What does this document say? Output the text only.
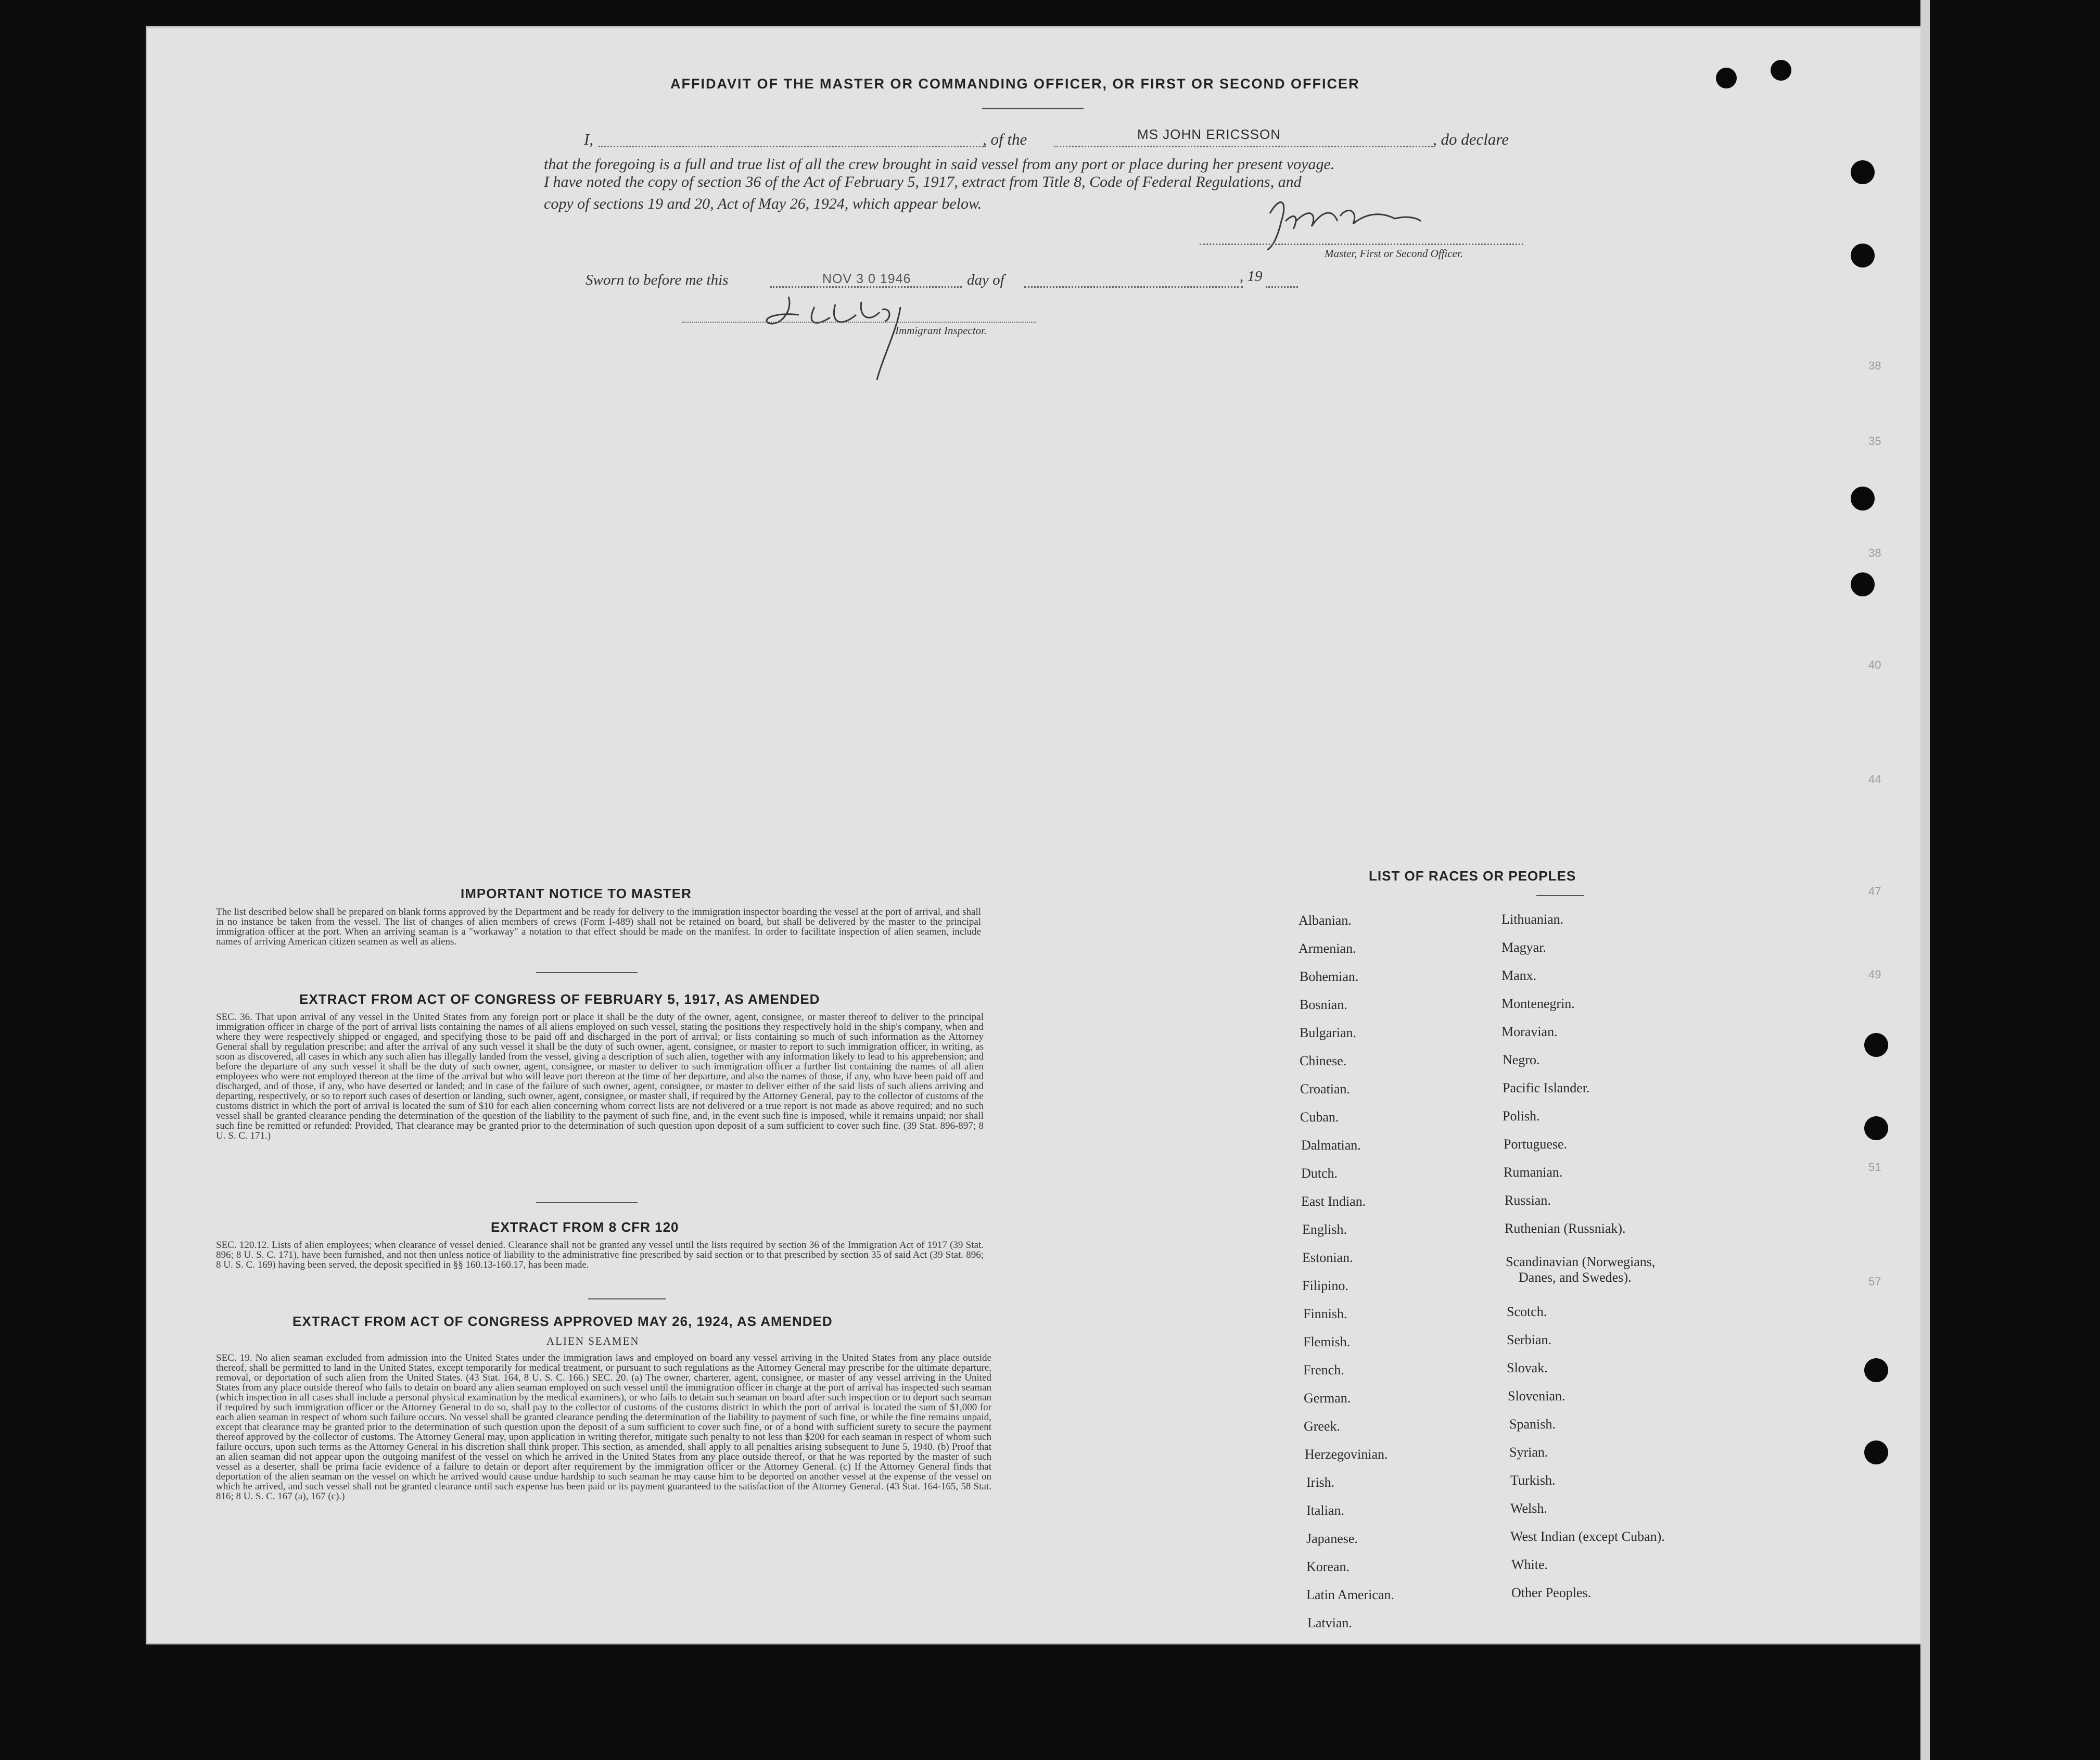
AFFIDAVIT OF THE MASTER OR COMMANDING OFFICER, OR FIRST OR SECOND OFFICER
I,	, of the	MS JOHN ERICSSON	, do declare
that the foregoing is a full and true list of all the crew brought in said vessel from any port or place during her present voyage.
I have noted the copy of section 36 of the Act of February 5, 1917, extract from Title 8, Code of Federal Regulations, and
copy of sections 19 and 20, Act of May 26, 1924, which appear below.
Master, First or Second Officer.
Sworn to before me this	NOV 3 0 1946	day of	, 19
Immigrant Inspector.
38
35
38
40
44
47
49
51
57
IMPORTANT NOTICE TO MASTER
The list described below shall be prepared on blank forms approved by the Department and be ready for delivery to the immigration inspector boarding the vessel at the port of arrival, and shall in no instance be taken from the vessel. The list of changes of alien members of crews (Form I-489) shall not be retained on board, but shall be delivered by the master to the principal immigration officer at the port. When an arriving seaman is a "workaway" a notation to that effect should be made on the manifest. In order to facilitate inspection of alien seamen, include names of arriving American citizen seamen as well as aliens.
EXTRACT FROM ACT OF CONGRESS OF FEBRUARY 5, 1917, AS AMENDED
SEC. 36. That upon arrival of any vessel in the United States from any foreign port or place it shall be the duty of the owner, agent, consignee, or master thereof to deliver to the principal immigration officer in charge of the port of arrival lists containing the names of all aliens employed on such vessel, stating the positions they respectively hold in the ship's company, when and where they were respectively shipped or engaged, and specifying those to be paid off and discharged in the port of arrival; or lists containing so much of such information as the Attorney General shall by regulation prescribe; and after the arrival of any such vessel it shall be the duty of such owner, agent, consignee, or master to report to such immigration officer, in writing, as soon as discovered, all cases in which any such alien has illegally landed from the vessel, giving a description of such alien, together with any information likely to lead to his apprehension; and before the departure of any such vessel it shall be the duty of such owner, agent, consignee, or master to deliver to such immigration officer a further list containing the names of all alien employees who were not employed thereon at the time of the arrival but who will leave port thereon at the time of her departure, and also the names of those, if any, who have been paid off and discharged, and of those, if any, who have deserted or landed; and in case of the failure of such owner, agent, consignee, or master to deliver either of the said lists of such aliens arriving and departing, respectively, or so to report such cases of desertion or landing, such owner, agent, consignee, or master shall, if required by the Attorney General, pay to the collector of customs of the customs district in which the port of arrival is located the sum of $10 for each alien concerning whom correct lists are not delivered or a true report is not made as above required; and no such vessel shall be granted clearance pending the determination of the question of the liability to the payment of such fine, and, in the event such fine is imposed, while it remains unpaid; nor shall such fine be remitted or refunded: Provided, That clearance may be granted prior to the determination of such question upon deposit of a sum sufficient to cover such fine. (39 Stat. 896-897; 8 U. S. C. 171.)
EXTRACT FROM 8 CFR 120
SEC. 120.12. Lists of alien employees; when clearance of vessel denied. Clearance shall not be granted any vessel until the lists required by section 36 of the Immigration Act of 1917 (39 Stat. 896; 8 U. S. C. 171), have been furnished, and not then unless notice of liability to the administrative fine prescribed by said section or to that prescribed by section 35 of said Act (39 Stat. 896; 8 U. S. C. 169) having been served, the deposit specified in §§ 160.13-160.17, has been made.
EXTRACT FROM ACT OF CONGRESS APPROVED MAY 26, 1924, AS AMENDED
ALIEN SEAMEN
SEC. 19. No alien seaman excluded from admission into the United States under the immigration laws and employed on board any vessel arriving in the United States from any place outside thereof, shall be permitted to land in the United States, except temporarily for medical treatment, or pursuant to such regulations as the Attorney General may prescribe for the ultimate departure, removal, or deportation of such alien from the United States. (43 Stat. 164, 8 U. S. C. 166.) SEC. 20. (a) The owner, charterer, agent, consignee, or master of any vessel arriving in the United States from any place outside thereof who fails to detain on board any alien seaman employed on such vessel until the immigration officer in charge at the port of arrival has inspected such seaman (which inspection in all cases shall include a personal physical examination by the medical examiners), or who fails to detain such seaman on board after such inspection or to deport such seaman if required by such immigration officer or the Attorney General to do so, shall pay to the collector of customs of the customs district in which the port of arrival is located the sum of $1,000 for each alien seaman in respect of whom such failure occurs. No vessel shall be granted clearance pending the determination of the liability to payment of such fine, or while the fine remains unpaid, except that clearance may be granted prior to the determination of such question upon the deposit of a sum sufficient to cover such fine, or of a bond with sufficient surety to secure the payment thereof approved by the collector of customs. The Attorney General may, upon application in writing therefor, mitigate such penalty to not less than $200 for each seaman in respect of whom such failure occurs, upon such terms as the Attorney General in his discretion shall think proper. This section, as amended, shall apply to all penalties arising subsequent to June 5, 1940. (b) Proof that an alien seaman did not appear upon the outgoing manifest of the vessel on which he arrived in the United States from any place outside thereof, or that he was reported by the master of such vessel as a deserter, shall be prima facie evidence of a failure to detain or deport after requirement by the immigration officer or the Attorney General. (c) If the Attorney General finds that deportation of the alien seaman on the vessel on which he arrived would cause undue hardship to such seaman he may cause him to be deported on another vessel at the expense of the vessel on which he arrived, and such vessel shall not be granted clearance until such expense has been paid or its payment guaranteed to the satisfaction of the Attorney General. (43 Stat. 164-165, 58 Stat. 816; 8 U. S. C. 167 (a), 167 (c).)
LIST OF RACES OR PEOPLES
Albanian.
Armenian.
Bohemian.
Bosnian.
Bulgarian.
Chinese.
Croatian.
Cuban.
Dalmatian.
Dutch.
East Indian.
English.
Estonian.
Filipino.
Finnish.
Flemish.
French.
German.
Greek.
Herzegovinian.
Irish.
Italian.
Japanese.
Korean.
Latin American.
Latvian.
Lithuanian.
Magyar.
Manx.
Montenegrin.
Moravian.
Negro.
Pacific Islander.
Polish.
Portuguese.
Rumanian.
Russian.
Ruthenian (Russniak).
Scandinavian (Norwegians,
Danes, and Swedes).
Scotch.
Serbian.
Slovak.
Slovenian.
Spanish.
Syrian.
Turkish.
Welsh.
West Indian (except Cuban).
White.
Other Peoples.
